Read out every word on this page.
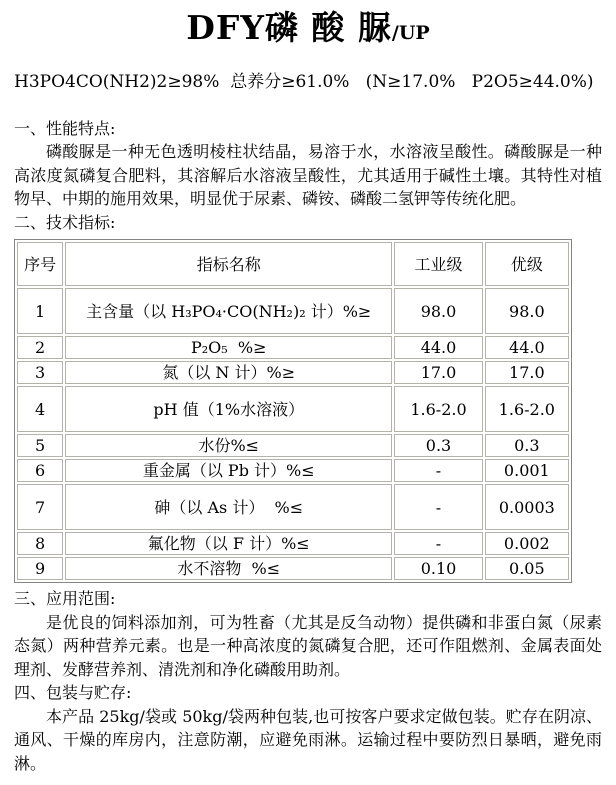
DFY磷 酸 脲/UP

H3PO4CO(NH2)2≥98%  总养分≥61.0%   (N≥17.0%   P2O5≥44.0%)

一、性能特点:

磷酸脲是一种无色透明棱柱状结晶，易溶于水，水溶液呈酸性。磷酸脲是一种高浓度氮磷复合肥料，其溶解后水溶液呈酸性，尤其适用于碱性土壤。其特性对植物早、中期的施用效果，明显优于尿素、磷铵、磷酸二氢钾等传统化肥。

二、技术指标:

序号	指标名称	工业级	优级
1	主含量（以 H₃PO₄·CO(NH₂)₂ 计）%≥	98.0	98.0
2	P₂O₅  %≥	44.0	44.0
3	氮（以 N 计）%≥	17.0	17.0
4	pH 值（1%水溶液）	1.6-2.0	1.6-2.0
5	水份%≤	0.3	0.3
6	重金属（以 Pb 计）%≤	-	0.001
7	砷（以 As 计）  %≤	-	0.0003
8	氟化物（以 F 计）%≤	-	0.002
9	水不溶物  %≤	0.10	0.05

三、应用范围:

是优良的饲料添加剂，可为牲畜（尤其是反刍动物）提供磷和非蛋白氮（尿素态氮）两种营养元素。也是一种高浓度的氮磷复合肥，还可作阻燃剂、金属表面处理剂、发酵营养剂、清洗剂和净化磷酸用助剂。

四、包装与贮存:

本产品 25kg/袋或 50kg/袋两种包装,也可按客户要求定做包装。贮存在阴凉、通风、干燥的库房内，注意防潮，应避免雨淋。运输过程中要防烈日暴晒，避免雨淋。
